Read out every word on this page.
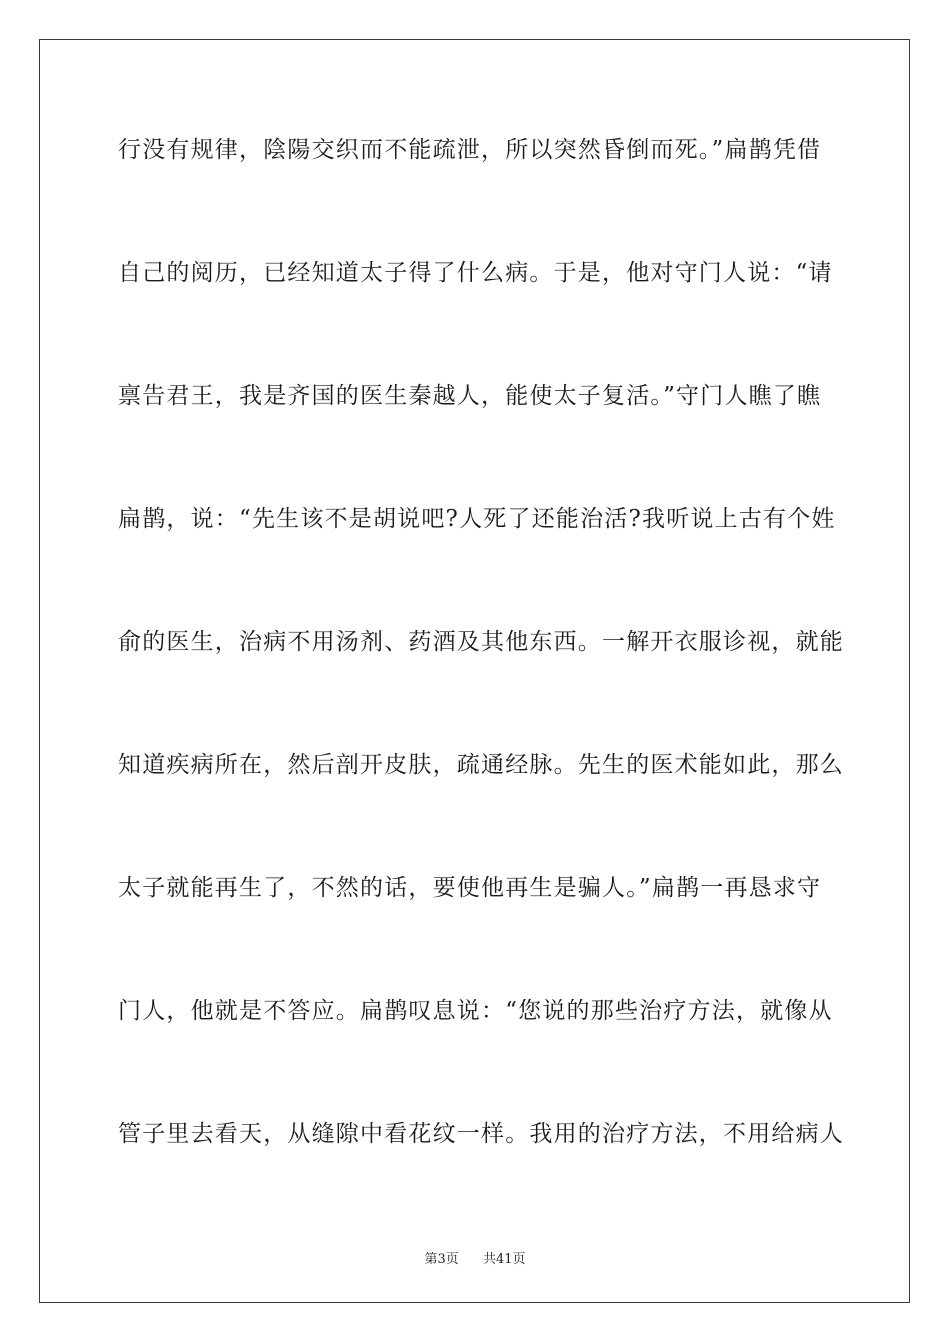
行没有规律，陰陽交织而不能疏泄，所以突然昏倒而死。”扁鹊凭借
自己的阅历，已经知道太子得了什么病。于是，他对守门人说：“请
禀告君王，我是齐国的医生秦越人，能使太子复活。”守门人瞧了瞧
扁鹊，说：“先生该不是胡说吧?人死了还能治活?我听说上古有个姓
俞的医生，治病不用汤剂、药酒及其他东西。一解开衣服诊视，就能
知道疾病所在，然后剖开皮肤，疏通经脉。先生的医术能如此，那么
太子就能再生了，不然的话，要使他再生是骗人。”扁鹊一再恳求守
门人，他就是不答应。扁鹊叹息说：“您说的那些治疗方法，就像从
管子里去看天，从缝隙中看花纹一样。我用的治疗方法，不用给病人
第3页 共41页
